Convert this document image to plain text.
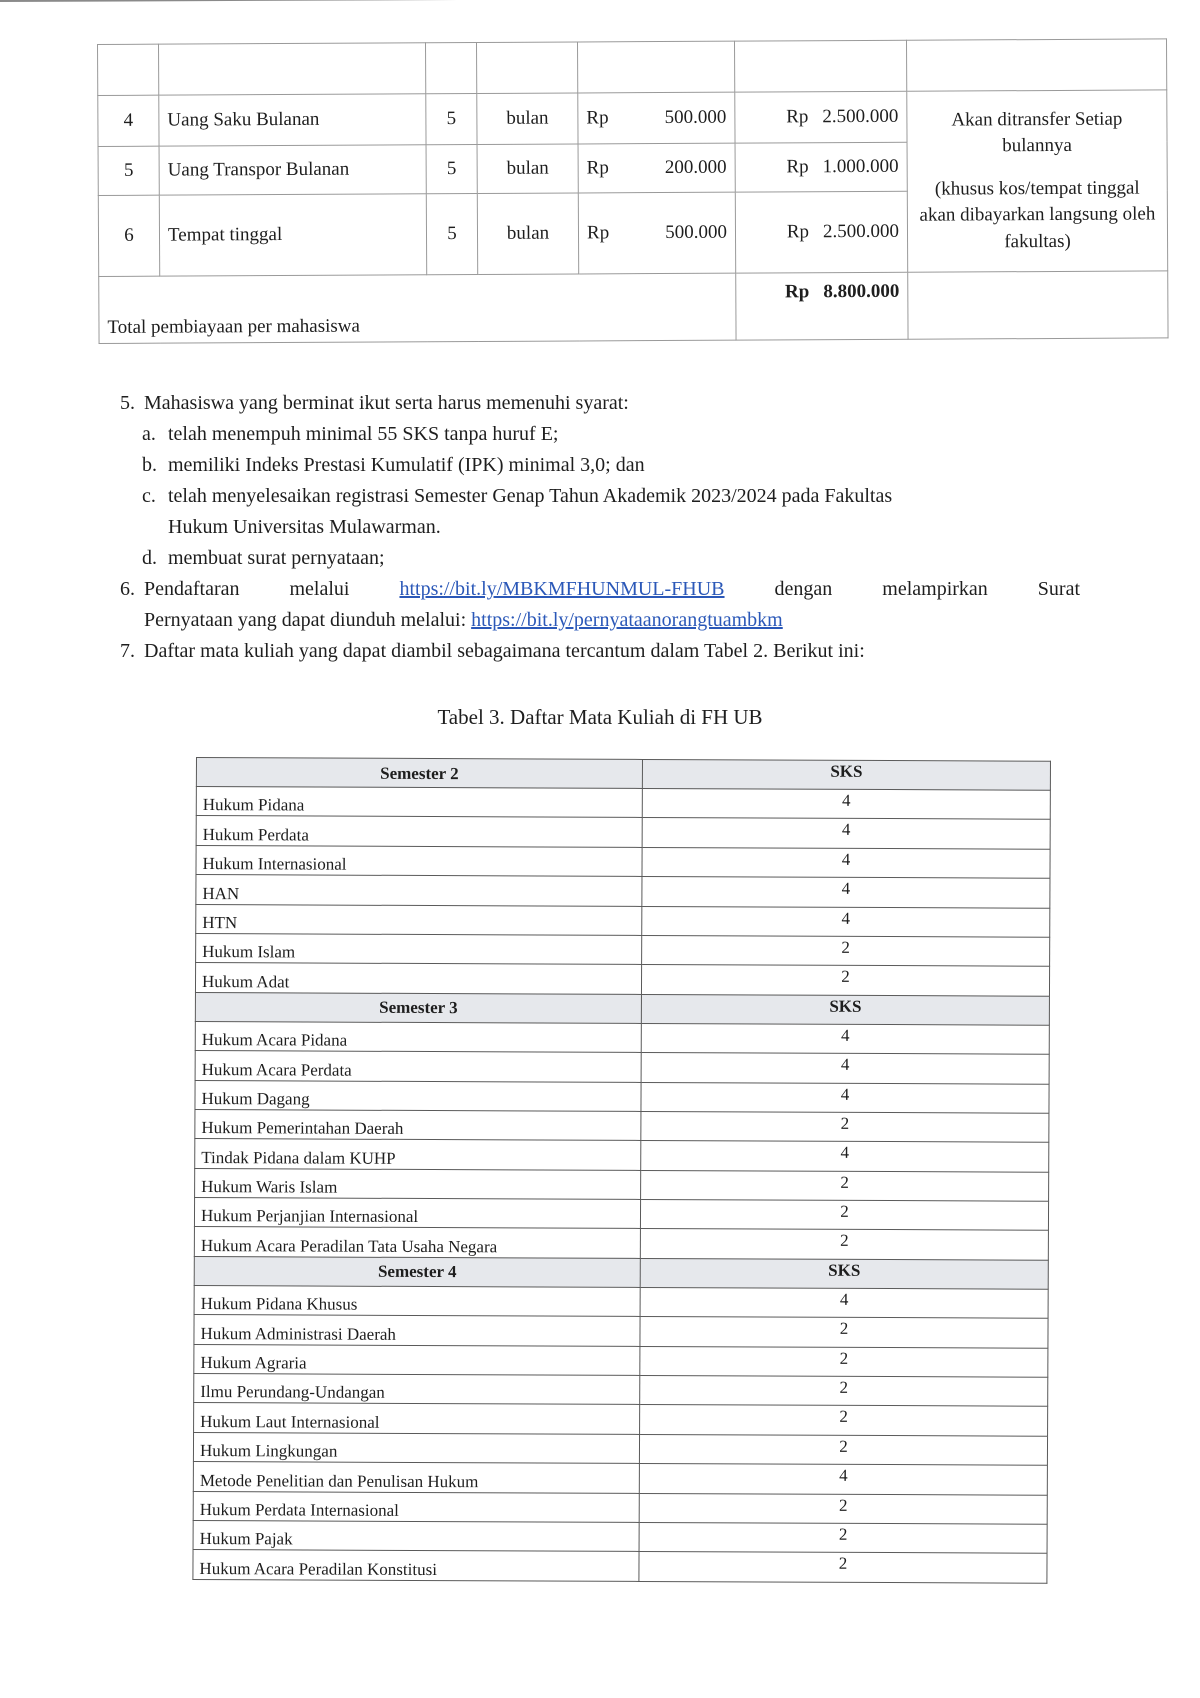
4	Uang Saku Bulanan	5	bulan	Rp 500.000	Rp 2.500.000	Akan ditransfer Setiap bulannya
(khusus kos/tempat tinggal akan dibayarkan langsung oleh fakultas)
5	Uang Transpor Bulanan	5	bulan	Rp 200.000	Rp 1.000.000	

6	Tempat tinggal	5	bulan	Rp 500.000	Rp 2.500.000	

Total pembiayaan per mahasiswa					Rp 8.800.000	

5. Mahasiswa yang berminat ikut serta harus memenuhi syarat:
a. telah menempuh minimal 55 SKS tanpa huruf E;
b. memiliki Indeks Prestasi Kumulatif (IPK) minimal 3,0; dan
c. telah menyelesaikan registrasi Semester Genap Tahun Akademik 2023/2024 pada Fakultas
Hukum Universitas Mulawarman.
d. membuat surat pernyataan;
6. Pendaftaran melalui https://bit.ly/MBKMFHUNMUL-FHUB dengan melampirkan Surat
Pernyataan yang dapat diunduh melalui: https://bit.ly/pernyataanorangtuambkm
7. Daftar mata kuliah yang dapat diambil sebagaimana tercantum dalam Tabel 2. Berikut ini:
Tabel 3. Daftar Mata Kuliah di FH UB
Semester 2	SKS
Hukum Pidana	4
Hukum Perdata	4
Hukum Internasional	4
HAN	4
HTN	4
Hukum Islam	2
Hukum Adat	2
Semester 3	SKS
Hukum Acara Pidana	4
Hukum Acara Perdata	4
Hukum Dagang	4
Hukum Pemerintahan Daerah	2
Tindak Pidana dalam KUHP	4
Hukum Waris Islam	2
Hukum Perjanjian Internasional	2
Hukum Acara Peradilan Tata Usaha Negara	2
Semester 4	SKS
Hukum Pidana Khusus	4
Hukum Administrasi Daerah	2
Hukum Agraria	2
Ilmu Perundang-Undangan	2
Hukum Laut Internasional	2
Hukum Lingkungan	2
Metode Penelitian dan Penulisan Hukum	4
Hukum Perdata Internasional	2
Hukum Pajak	2
Hukum Acara Peradilan Konstitusi	2
